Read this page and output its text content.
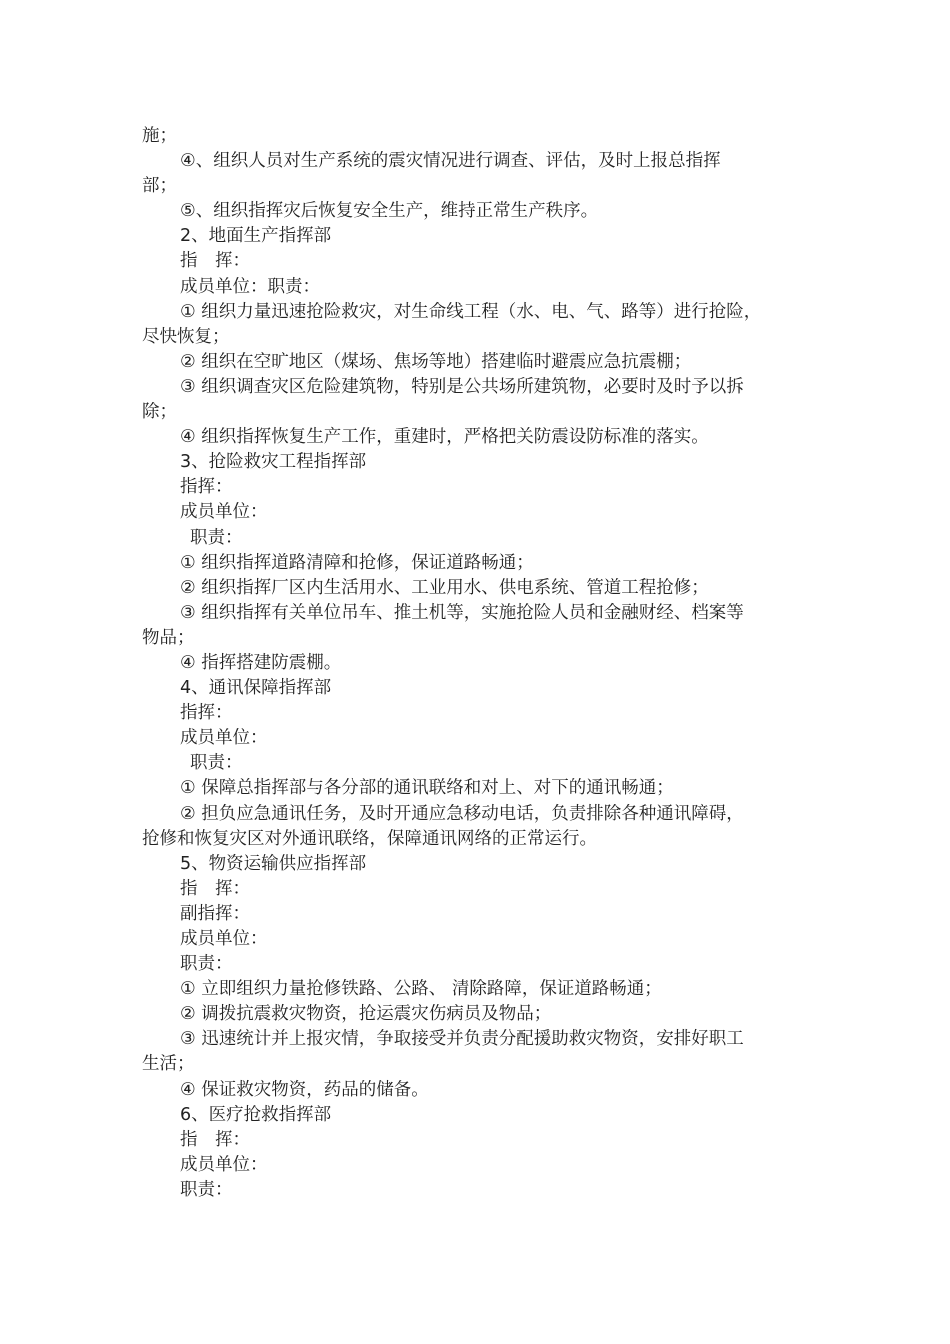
施；
④、组织人员对生产系统的震灾情况进行调查、评估，及时上报总指挥
部；
⑤、组织指挥灾后恢复安全生产，维持正常生产秩序。
2、地面生产指挥部
指　挥：
成员单位：职责：
① 组织力量迅速抢险救灾，对生命线工程（水、电、气、路等）进行抢险，
尽快恢复；
② 组织在空旷地区（煤场、焦场等地）搭建临时避震应急抗震棚；
③ 组织调查灾区危险建筑物，特别是公共场所建筑物，必要时及时予以拆
除；
④ 组织指挥恢复生产工作，重建时，严格把关防震设防标准的落实。
3、抢险救灾工程指挥部
指挥：
成员单位：
职责：
① 组织指挥道路清障和抢修，保证道路畅通；
② 组织指挥厂区内生活用水、工业用水、供电系统、管道工程抢修；
③ 组织指挥有关单位吊车、推土机等，实施抢险人员和金融财经、档案等
物品；
④ 指挥搭建防震棚。
4、通讯保障指挥部
指挥：
成员单位：
职责：
① 保障总指挥部与各分部的通讯联络和对上、对下的通讯畅通；
② 担负应急通讯任务，及时开通应急移动电话，负责排除各种通讯障碍，
抢修和恢复灾区对外通讯联络，保障通讯网络的正常运行。
5、物资运输供应指挥部
指　挥：
副指挥：
成员单位：
职责：
① 立即组织力量抢修铁路、公路、 清除路障，保证道路畅通；
② 调拨抗震救灾物资，抢运震灾伤病员及物品；
③ 迅速统计并上报灾情，争取接受并负责分配援助救灾物资，安排好职工
生活；
④ 保证救灾物资，药品的储备。
6、医疗抢救指挥部
指　挥：
成员单位：
职责：
